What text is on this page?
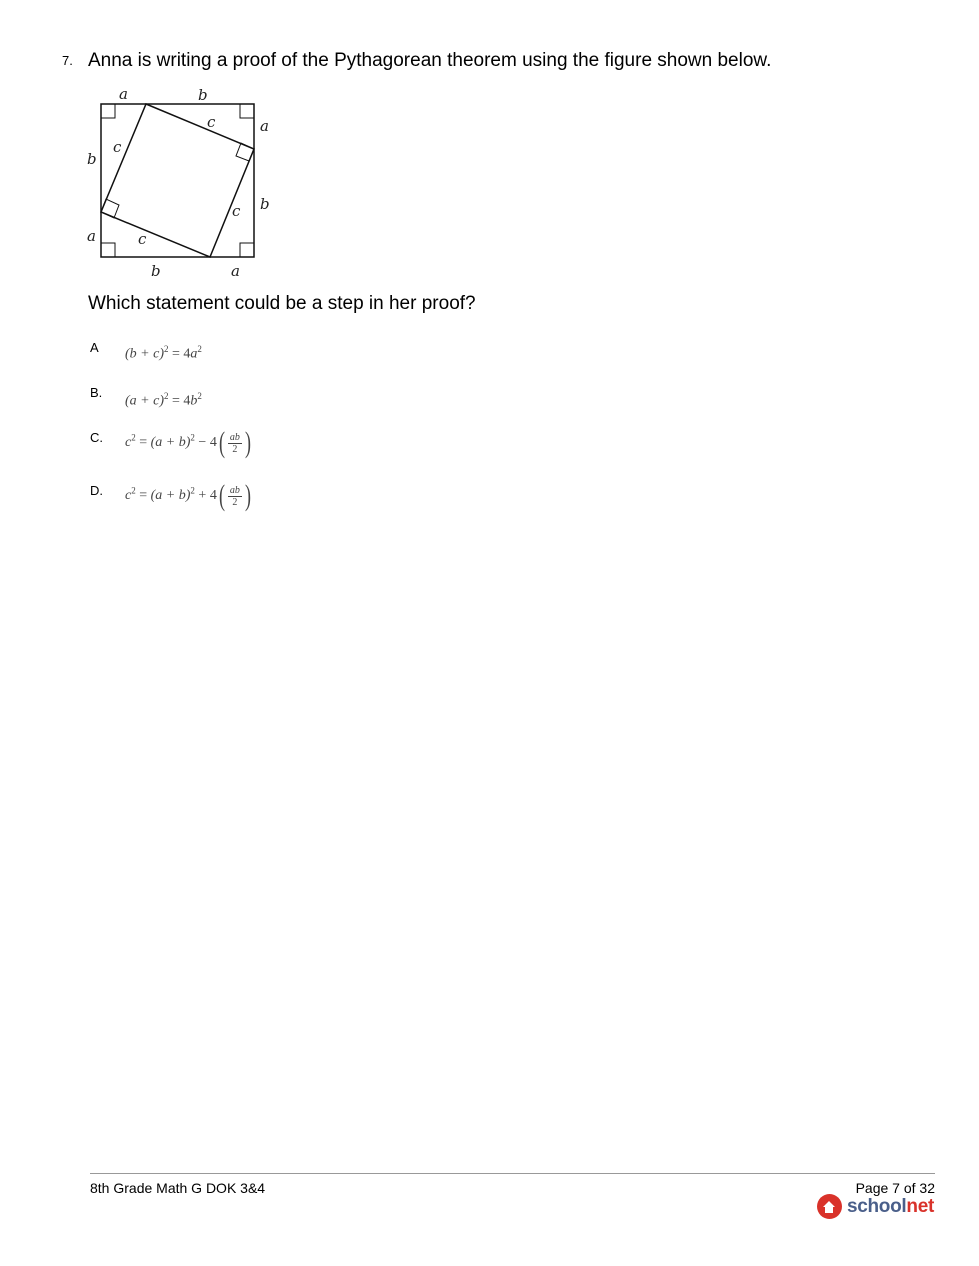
7. Anna is writing a proof of the Pythagorean theorem using the figure shown below.
a	b
a
b
b	a
b
a
c
c
c
c
Which statement could be a step in her proof?
A $(b + c)^2 = 4a^2$
B.
$(a + c)^2 = 4b^2$
C. $c^2 = (a + b)^2 - 4( \frac{ab}{2}$ )
D. $c^2 = (a + b)^2 + 4( \frac{ab}{2}$ )
8th Grade Math G DOK 3&4	Page 7 of 32
schoolnet
